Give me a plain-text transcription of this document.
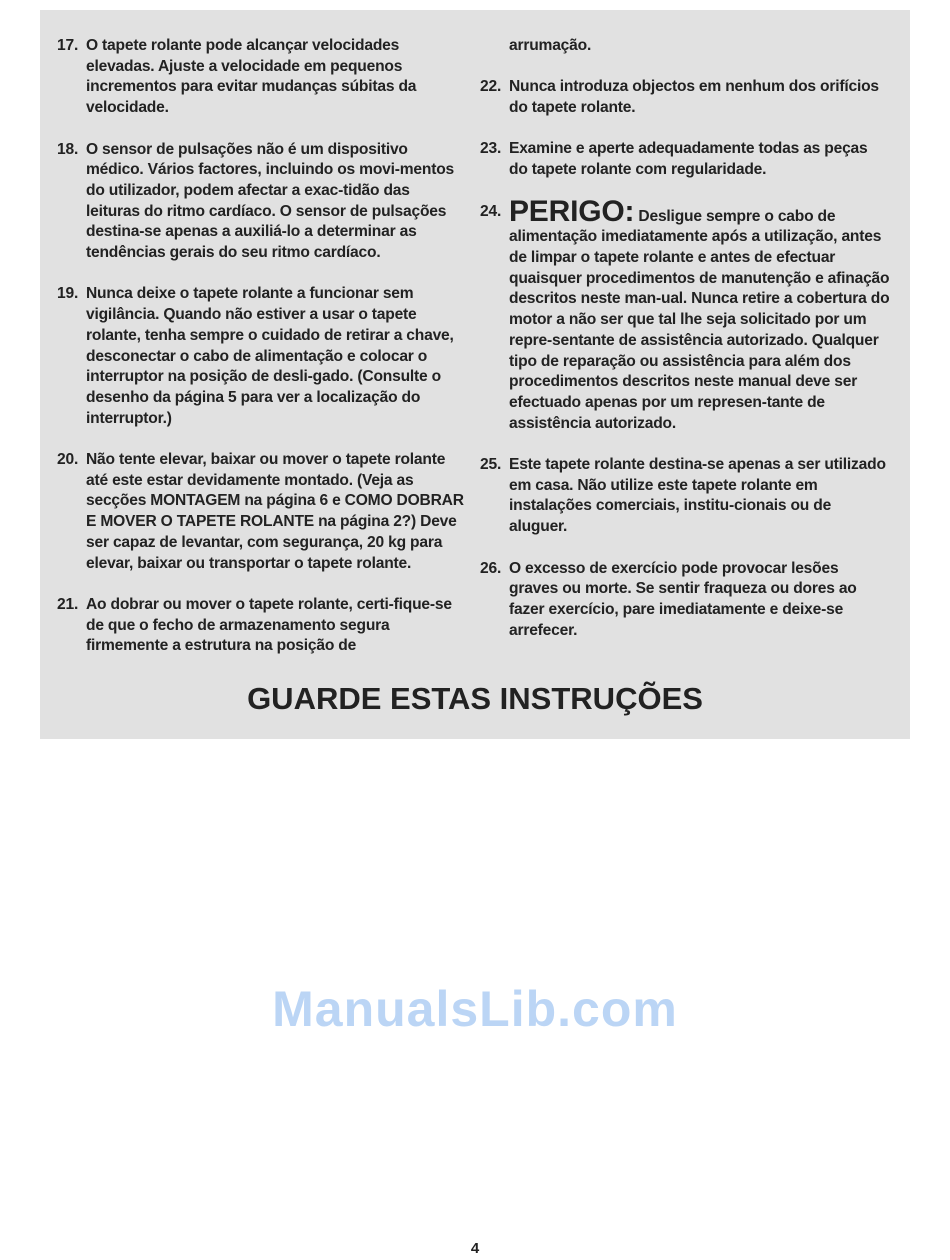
17. O tapete rolante pode alcançar velocidades elevadas. Ajuste a velocidade em pequenos incrementos para evitar mudanças súbitas da velocidade.
18. O sensor de pulsações não é um dispositivo médico. Vários factores, incluindo os movi-mentos do utilizador, podem afectar a exac-tidão das leituras do ritmo cardíaco. O sensor de pulsações destina-se apenas a auxiliá-lo a determinar as tendências gerais do seu ritmo cardíaco.
19. Nunca deixe o tapete rolante a funcionar sem vigilância. Quando não estiver a usar o tapete rolante, tenha sempre o cuidado de retirar a chave, desconectar o cabo de alimentação e colocar o interruptor na posição de desli-gado. (Consulte o desenho da página 5 para ver a localização do interruptor.)
20. Não tente elevar, baixar ou mover o tapete rolante até este estar devidamente montado. (Veja as secções MONTAGEM na página 6 e COMO DOBRAR E MOVER O TAPETE ROLANTE na página 2?) Deve ser capaz de levantar, com segurança, 20 kg para elevar, baixar ou transportar o tapete rolante.
21. Ao dobrar ou mover o tapete rolante, certi-fique-se de que o fecho de armazenamento segura firmemente a estrutura na posição de
arrumação.
22. Nunca introduza objectos em nenhum dos orifícios do tapete rolante.
23. Examine e aperte adequadamente todas as peças do tapete rolante com regularidade.
24. PERIGO: Desligue sempre o cabo de alimentação imediatamente após a utilização, antes de limpar o tapete rolante e antes de efectuar quaisquer procedimentos de manutenção e afinação descritos neste man-ual. Nunca retire a cobertura do motor a não ser que tal lhe seja solicitado por um repre-sentante de assistência autorizado. Qualquer tipo de reparação ou assistência para além dos procedimentos descritos neste manual deve ser efectuado apenas por um represen-tante de assistência autorizado.
25. Este tapete rolante destina-se apenas a ser utilizado em casa. Não utilize este tapete rolante em instalações comerciais, institu-cionais ou de aluguer.
26. O excesso de exercício pode provocar lesões graves ou morte. Se sentir fraqueza ou dores ao fazer exercício, pare imediatamente e deixe-se arrefecer.
GUARDE ESTAS INSTRUÇÕES
ManualsLib.com
4
